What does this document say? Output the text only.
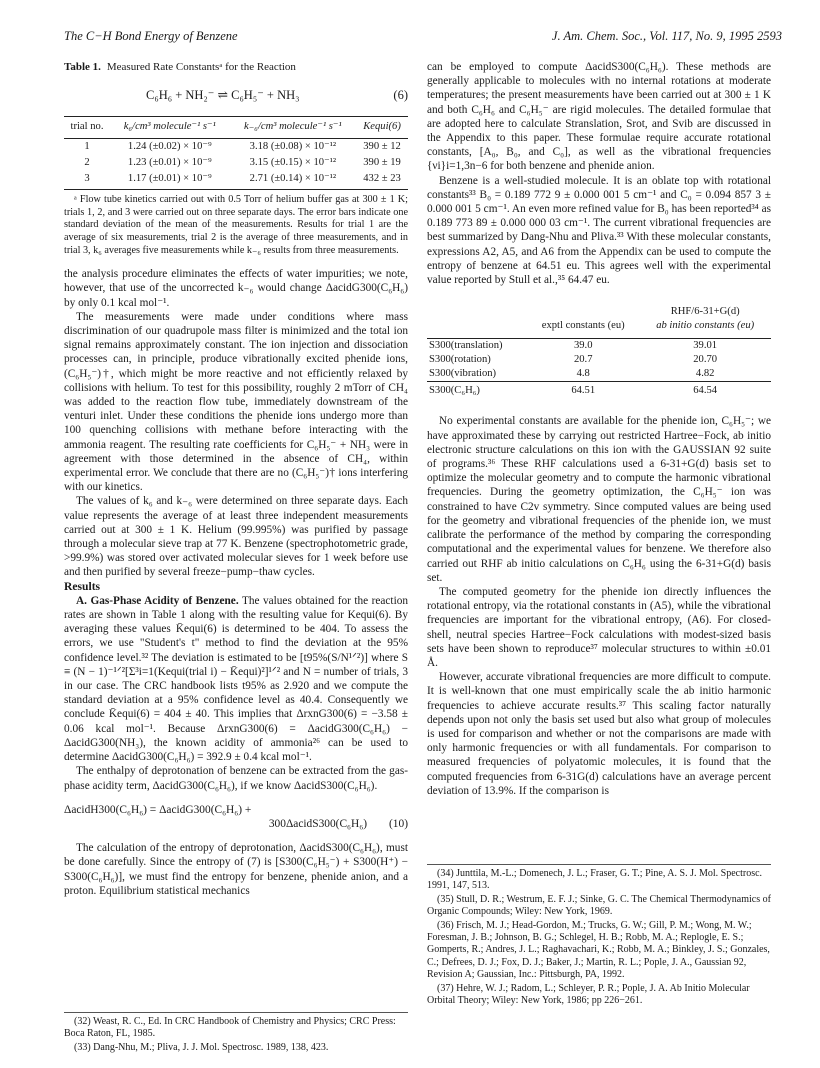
The C−H Bond Energy of Benzene	J. Am. Chem. Soc., Vol. 117, No. 9, 1995 2593
Table 1. Measured Rate Constantsᵃ for the Reaction
C₆H₆ + NH₂⁻ ⇌ C₆H₅⁻ + NH₃	(6)
trial no.	k₆/cm³ molecule⁻¹ s⁻¹	k₋₆/cm³ molecule⁻¹ s⁻¹	Kequi(6)
1	1.24 (±0.02) × 10⁻⁹	3.18 (±0.08) × 10⁻¹²	390 ± 12
2	1.23 (±0.01) × 10⁻⁹	3.15 (±0.15) × 10⁻¹²	390 ± 19
3	1.17 (±0.01) × 10⁻⁹	2.71 (±0.14) × 10⁻¹²	432 ± 23
ᵃ Flow tube kinetics carried out with 0.5 Torr of helium buffer gas at 300 ± 1 K; trials 1, 2, and 3 were carried out on three separate days. The error bars indicate one standard deviation of the mean of the measurements. Results for trial 1 are the average of six measurements, trial 2 is the average of three measurements, and in trial 3, k₆ averages five measurements while k₋₆ results from three measurements.

the analysis procedure eliminates the effects of water impurities; we note, however, that use of the uncorrected k₋₆ would change ΔacidG300(C₆H₆) by only 0.1 kcal mol⁻¹.

The measurements were made under conditions where mass discrimination of our quadrupole mass filter is minimized and the total ion signal remains approximately constant. The ion injection and dissociation processes can, in principle, produce vibrationally excited phenide ions, (C₆H₅⁻)†, which might be more reactive and not efficiently relaxed by collisions with helium. To test for this possibility, roughly 2 mTorr of CH₄ was added to the reaction flow tube, immediately downstream of the venturi inlet. Under these conditions the phenide ions undergo more than 100 quenching collisions with methane before interacting with the ammonia reagent. The resulting rate coefficients for C₆H₅⁻ + NH₃ were in agreement with those determined in the absence of CH₄, within experimental error. We conclude that there are no (C₆H₅⁻)† ions interfering with our kinetics.

The values of k₆ and k₋₆ were determined on three separate days. Each value represents the average of at least three independent measurements carried out at 300 ± 1 K. Helium (99.995%) was purified by passage through a molecular sieve trap at 77 K. Benzene (spectrophotometric grade, >99.9%) was stored over activated molecular sieves for 1 week before use and then purified by several freeze−pump−thaw cycles.

Results

A. Gas-Phase Acidity of Benzene. The values obtained for the reaction rates are shown in Table 1 along with the resulting value for Kequi(6). By averaging these values K̄equi(6) is determined to be 404. To assess the errors, we use "Student's t" method to find the deviation at the 95% confidence level.³² The deviation is estimated to be [t95%(S/N¹ᐟ²)] where S ≡ (N − 1)⁻¹ᐟ²[Σ³i=1(Kequi(trial i) − K̄equi)²]¹ᐟ² and N = number of trials, 3 in our case. The CRC handbook lists t95% as 2.920 and we compute the standard deviation at a 95% confidence level as 40.4. Consequently we conclude K̄equi(6) = 404 ± 40. This implies that ΔrxnG300(6) = −3.58 ± 0.06 kcal mol⁻¹. Because ΔrxnG300(6) = ΔacidG300(C₆H₆) − ΔacidG300(NH₃), the known acidity of ammonia²⁶ can be used to determine ΔacidG300(C₆H₆) = 392.9 ± 0.4 kcal mol⁻¹.

The enthalpy of deprotonation of benzene can be extracted from the gas-phase acidity term, ΔacidG300(C₆H₆), if we know ΔacidS300(C₆H₆).

ΔacidH300(C₆H₆) = ΔacidG300(C₆H₆) +
300ΔacidS300(C₆H₆) (10)

The calculation of the entropy of deprotonation, ΔacidS300(C₆H₆), must be done carefully. Since the entropy of (7) is [S300(C₆H₅⁻) + S300(H⁺) − S300(C₆H₆)], we must find the entropy for benzene, phenide anion, and a proton. Equilibrium statistical mechanics

(32) Weast, R. C., Ed. In CRC Handbook of Chemistry and Physics; CRC Press: Boca Raton, FL, 1985.

(33) Dang-Nhu, M.; Pliva, J. J. Mol. Spectrosc. 1989, 138, 423.

can be employed to compute ΔacidS300(C₆H₆). These methods are generally applicable to molecules with no internal rotations at moderate temperatures; the present measurements have been carried out at 300 ± 1 K and both C₆H₆ and C₆H₅⁻ are rigid molecules. The detailed formulae that are adopted here to calculate Stranslation, Srot, and Svib are discussed in the Appendix to this paper. These formulae require accurate rotational constants, [A₀, B₀, and C₀], as well as the vibrational frequencies {νi}i=1,3n−6 for both benzene and phenide anion.

Benzene is a well-studied molecule. It is an oblate top with rotational constants³³ B₀ = 0.189 772 9 ± 0.000 001 5 cm⁻¹ and C₀ = 0.094 857 3 ± 0.000 001 5 cm⁻¹. An even more refined value for B₀ has been reported³⁴ as 0.189 773 89 ± 0.000 000 03 cm⁻¹. The current vibrational frequencies are best summarized by Dang-Nhu and Pliva.³³ With these molecular constants, expressions A2, A5, and A6 from the Appendix can be used to compute the entropy of benzene at 64.51 eu. This agrees well with the experimental value reported by Stull et al.,³⁵ 64.47 eu.

	exptl constants (eu)	RHF/6-31+G(d)
ab initio constants (eu)

S300(translation)	39.0	39.01
S300(rotation)	20.7	20.70
S300(vibration)	4.8	4.82
S300(C₆H₆)	64.51	64.54

No experimental constants are available for the phenide ion, C₆H₅⁻; we have approximated these by carrying out restricted Hartree−Fock, ab initio electronic structure calculations on this ion with the GAUSSIAN 92 suite of programs.³⁶ These RHF calculations used a 6-31+G(d) basis set to optimize the molecular geometry and to compute the harmonic vibrational frequencies. During the geometry optimization, the C₆H₅⁻ ion was constrained to have C2v symmetry. Since computed values are being used for the geometry and vibrational frequencies of the phenide ion, we must calibrate the performance of the method by comparing the corresponding computational and the experimental values for benzene. We therefore also carried out RHF ab initio calculations on C₆H₆ using the 6-31+G(d) basis set.

The computed geometry for the phenide ion directly influences the rotational entropy, via the rotational constants in (A5), while the vibrational frequencies are important for the vibrational entropy, (A6). For closed-shell, neutral species Hartree−Fock calculations with modest-sized basis sets have been shown to reproduce³⁷ molecular structures to within ±0.01 Å.

However, accurate vibrational frequencies are more difficult to compute. It is well-known that one must empirically scale the ab initio harmonic frequencies to achieve accurate results.³⁷ This scaling factor naturally depends upon not only the basis set used but also what group of molecules is used for comparison and whether or not the comparisons are made with only harmonic frequencies or with all fundamentals. For comparison to measured frequencies of polyatomic molecules, it is found that the computed frequencies from 6-31G(d) calculations have an average percent deviation of 13.9%. If the comparison is

(34) Junttila, M.-L.; Domenech, J. L.; Fraser, G. T.; Pine, A. S. J. Mol. Spectrosc. 1991, 147, 513.

(35) Stull, D. R.; Westrum, E. F. J.; Sinke, G. C. The Chemical Thermodynamics of Organic Compounds; Wiley: New York, 1969.

(36) Frisch, M. J.; Head-Gordon, M.; Trucks, G. W.; Gill, P. M.; Wong, M. W.; Foresman, J. B.; Johnson, B. G.; Schlegel, H. B.; Robb, M. A.; Replogle, E. S.; Gomperts, R.; Andres, J. L.; Raghavachari, K.; Robb, M. A.; Binkley, J. S.; Gonzales, C.; Defrees, D. J.; Fox, D. J.; Baker, J.; Martin, R. L.; Pople, J. A., Gaussian 92, Revision A; Gaussian, Inc.: Pittsburgh, PA, 1992.

(37) Hehre, W. J.; Radom, L.; Schleyer, P. R.; Pople, J. A. Ab Initio Molecular Orbital Theory; Wiley: New York, 1986; pp 226−261.
